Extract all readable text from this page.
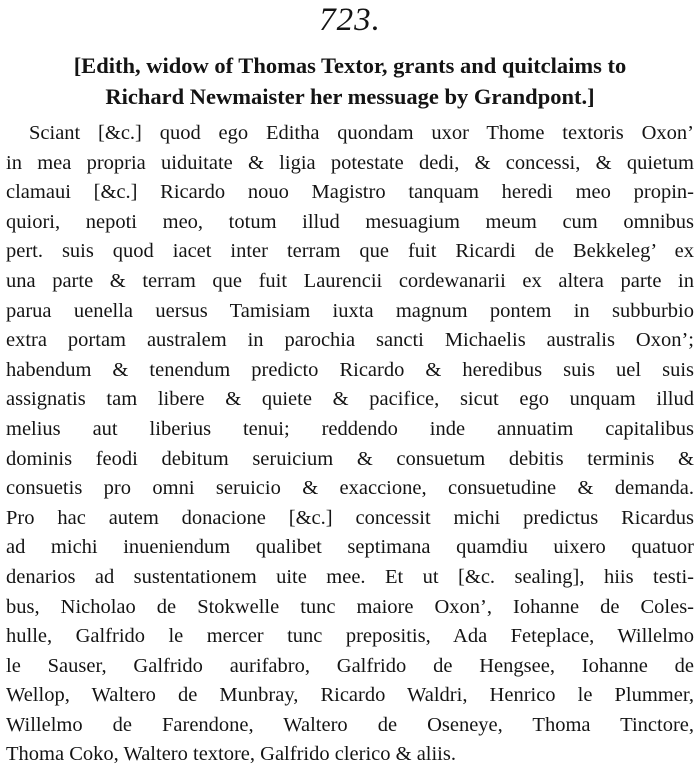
723.
[Edith, widow of Thomas Textor, grants and quitclaims to
Richard Newmaister her messuage by Grandpont.]
Sciant [&c.] quod ego Editha quondam uxor Thome textoris Oxon’
in mea propria uiduitate & ligia potestate dedi, & concessi, & quietum
clamaui [&c.] Ricardo nouo Magistro tanquam heredi meo propin-
quiori, nepoti meo, totum illud mesuagium meum cum omnibus
pert. suis quod iacet inter terram que fuit Ricardi de Bekkeleg’ ex
una parte & terram que fuit Laurencii cordewanarii ex altera parte in
parua uenella uersus Tamisiam iuxta magnum pontem in subburbio
extra portam australem in parochia sancti Michaelis australis Oxon’;
habendum & tenendum predicto Ricardo & heredibus suis uel suis
assignatis tam libere & quiete & pacifice, sicut ego unquam illud
melius aut liberius tenui; reddendo inde annuatim capitalibus
dominis feodi debitum seruicium & consuetum debitis terminis &
consuetis pro omni seruicio & exaccione, consuetudine & demanda.
Pro hac autem donacione [&c.] concessit michi predictus Ricardus
ad michi inueniendum qualibet septimana quamdiu uixero quatuor
denarios ad sustentationem uite mee. Et ut [&c. sealing], hiis testi-
bus, Nicholao de Stokwelle tunc maiore Oxon’, Iohanne de Coles-
hulle, Galfrido le mercer tunc prepositis, Ada Feteplace, Willelmo
le Sauser, Galfrido aurifabro, Galfrido de Hengsee, Iohanne de
Wellop, Waltero de Munbray, Ricardo Waldri, Henrico le Plummer,
Willelmo de Farendone, Waltero de Oseneye, Thoma Tinctore,
Thoma Coko, Waltero textore, Galfrido clerico & aliis.
